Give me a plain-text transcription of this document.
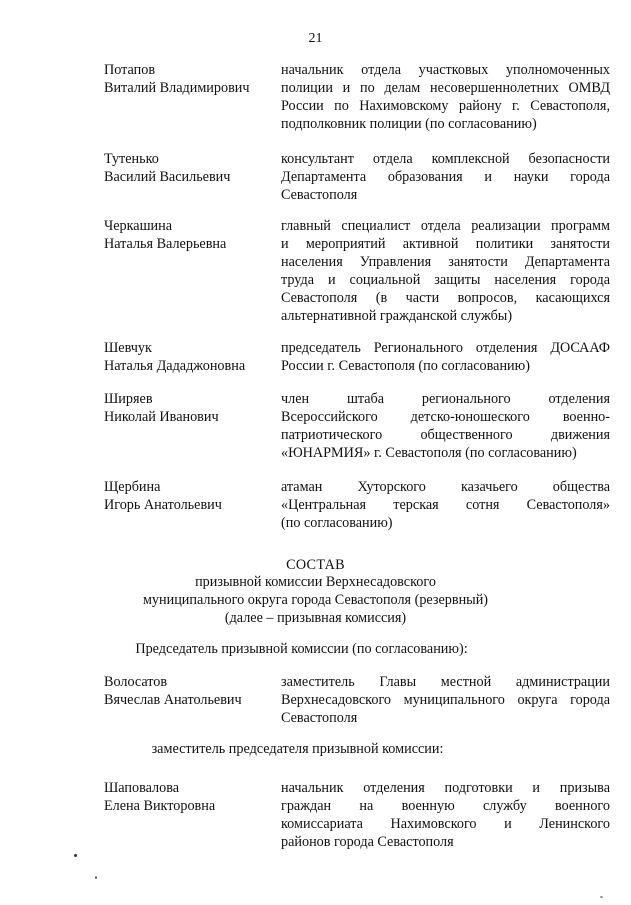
21
Потапов
Виталий Владимирович
начальник отдела участковых уполномоченных
полиции и по делам несовершеннолетних ОМВД
России по Нахимовскому району г. Севастополя,
подполковник полиции (по согласованию)
Тутенько
Василий Васильевич
консультант отдела комплексной безопасности
Департамента образования и науки города
Севастополя
Черкашина
Наталья Валерьевна
главный специалист отдела реализации программ
и мероприятий активной политики занятости
населения Управления занятости Департамента
труда и социальной защиты населения города
Севастополя (в части вопросов, касающихся
альтернативной гражданской службы)
Шевчук
Наталья Дададжоновна
председатель Регионального отделения ДОСААФ
России г. Севастополя (по согласованию)
Ширяев
Николай Иванович
член штаба регионального отделения
Всероссийского детско-юношеского военно-
патриотического общественного движения
«ЮНАРМИЯ» г. Севастополя (по согласованию)
Щербина
Игорь Анатольевич
атаман Хуторского казачьего общества
«Центральная терская сотня Севастополя»
(по согласованию)
СОСТАВ
призывной комиссии Верхнесадовского
муниципального округа города Севастополя (резервный)
(далее – призывная комиссия)
Председатель призывной комиссии (по согласованию):
Волосатов
Вячеслав Анатольевич
заместитель Главы местной администрации
Верхнесадовского муниципального округа города
Севастополя
заместитель председателя призывной комиссии:
Шаповалова
Елена Викторовна
начальник отделения подготовки и призыва
граждан на военную службу военного
комиссариата Нахимовского и Ленинского
районов города Севастополя
